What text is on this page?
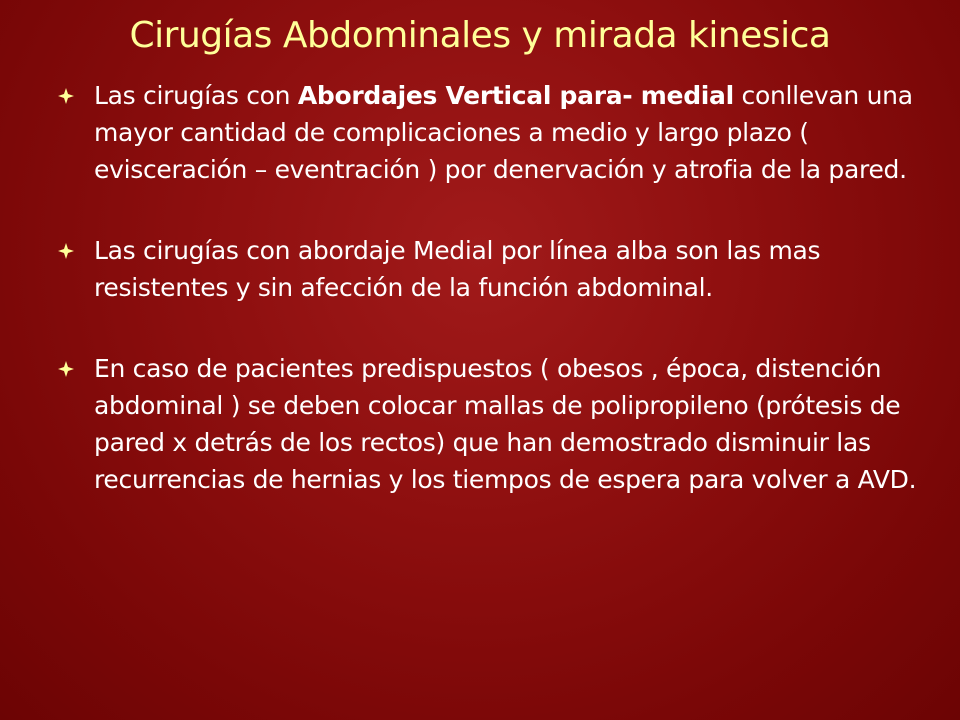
Cirugías Abdominales y mirada kinesica
Las cirugías con Abordajes Vertical para- medial conllevan una mayor cantidad de complicaciones a medio y largo plazo ( evisceración – eventración ) por denervación y atrofia de la pared.
Las cirugías con abordaje Medial por línea alba son las mas resistentes y sin afección de la función abdominal.
En caso de pacientes predispuestos ( obesos , época, distención abdominal ) se deben colocar mallas de polipropileno (prótesis de pared x detrás de los rectos) que han demostrado disminuir las recurrencias de hernias y los tiempos de espera para volver a AVD.
